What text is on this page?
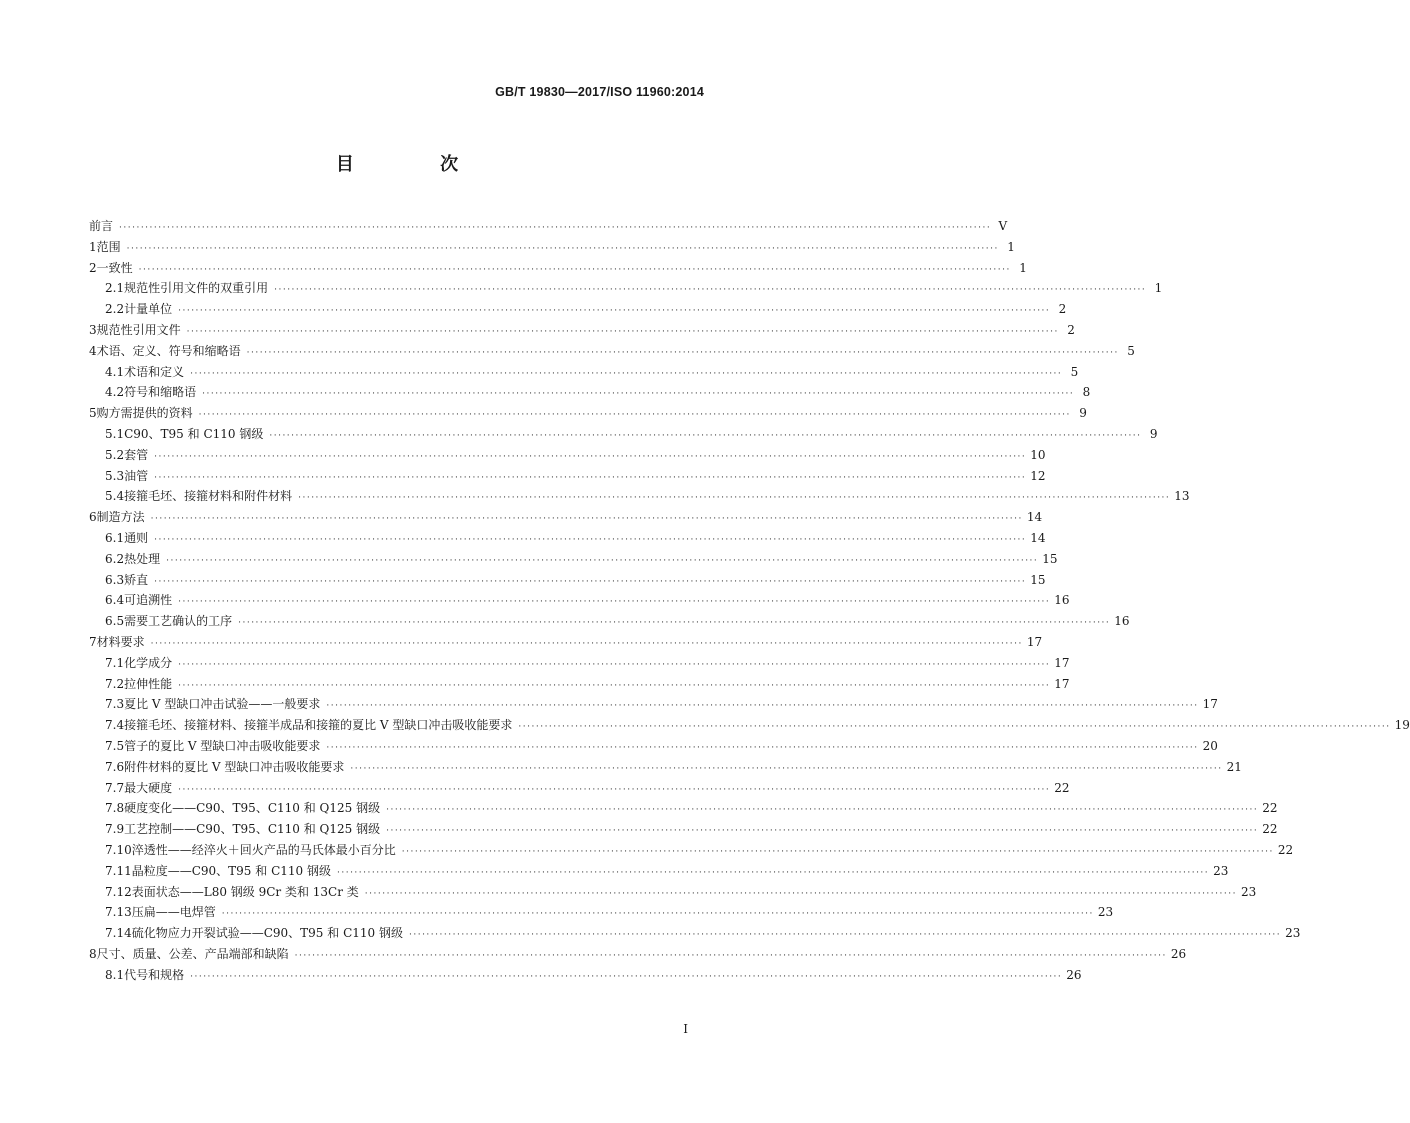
GB/T 19830—2017/ISO 11960:2014
目 次
前言 ········································································································································································································ Ⅴ
1 范围 ········································································································································································································ 1
2 一致性 ········································································································································································································ 1
2.1 规范性引用文件的双重引用 ········································································································································································································ 1
2.2 计量单位 ········································································································································································································ 2
3 规范性引用文件 ········································································································································································································ 2
4 术语、定义、符号和缩略语 ········································································································································································································ 5
4.1 术语和定义 ········································································································································································································ 5
4.2 符号和缩略语 ········································································································································································································ 8
5 购方需提供的资料 ········································································································································································································ 9
5.1 C90、T95 和 C110 钢级 ········································································································································································································ 9
5.2 套管 ········································································································································································································ 10
5.3 油管 ········································································································································································································ 12
5.4 接箍毛坯、接箍材料和附件材料 ········································································································································································································ 13
6 制造方法 ········································································································································································································ 14
6.1 通则 ········································································································································································································ 14
6.2 热处理 ········································································································································································································ 15
6.3 矫直 ········································································································································································································ 15
6.4 可追溯性 ········································································································································································································ 16
6.5 需要工艺确认的工序 ········································································································································································································ 16
7 材料要求 ········································································································································································································ 17
7.1 化学成分 ········································································································································································································ 17
7.2 拉伸性能 ········································································································································································································ 17
7.3 夏比 V 型缺口冲击试验——一般要求 ········································································································································································································ 17
7.4 接箍毛坯、接箍材料、接箍半成品和接箍的夏比 V 型缺口冲击吸收能要求 ········································································································································································································ 19
7.5 管子的夏比 V 型缺口冲击吸收能要求 ········································································································································································································ 20
7.6 附件材料的夏比 V 型缺口冲击吸收能要求 ········································································································································································································ 21
7.7 最大硬度 ········································································································································································································ 22
7.8 硬度变化——C90、T95、C110 和 Q125 钢级 ········································································································································································································ 22
7.9 工艺控制——C90、T95、C110 和 Q125 钢级 ········································································································································································································ 22
7.10 淬透性——经淬火＋回火产品的马氏体最小百分比 ········································································································································································································ 22
7.11 晶粒度——C90、T95 和 C110 钢级 ········································································································································································································ 23
7.12 表面状态——L80 钢级 9Cr 类和 13Cr 类 ········································································································································································································ 23
7.13 压扁——电焊管 ········································································································································································································ 23
7.14 硫化物应力开裂试验——C90、T95 和 C110 钢级 ········································································································································································································ 23
8 尺寸、质量、公差、产品端部和缺陷 ········································································································································································································ 26
8.1 代号和规格 ········································································································································································································ 26
Ⅰ
